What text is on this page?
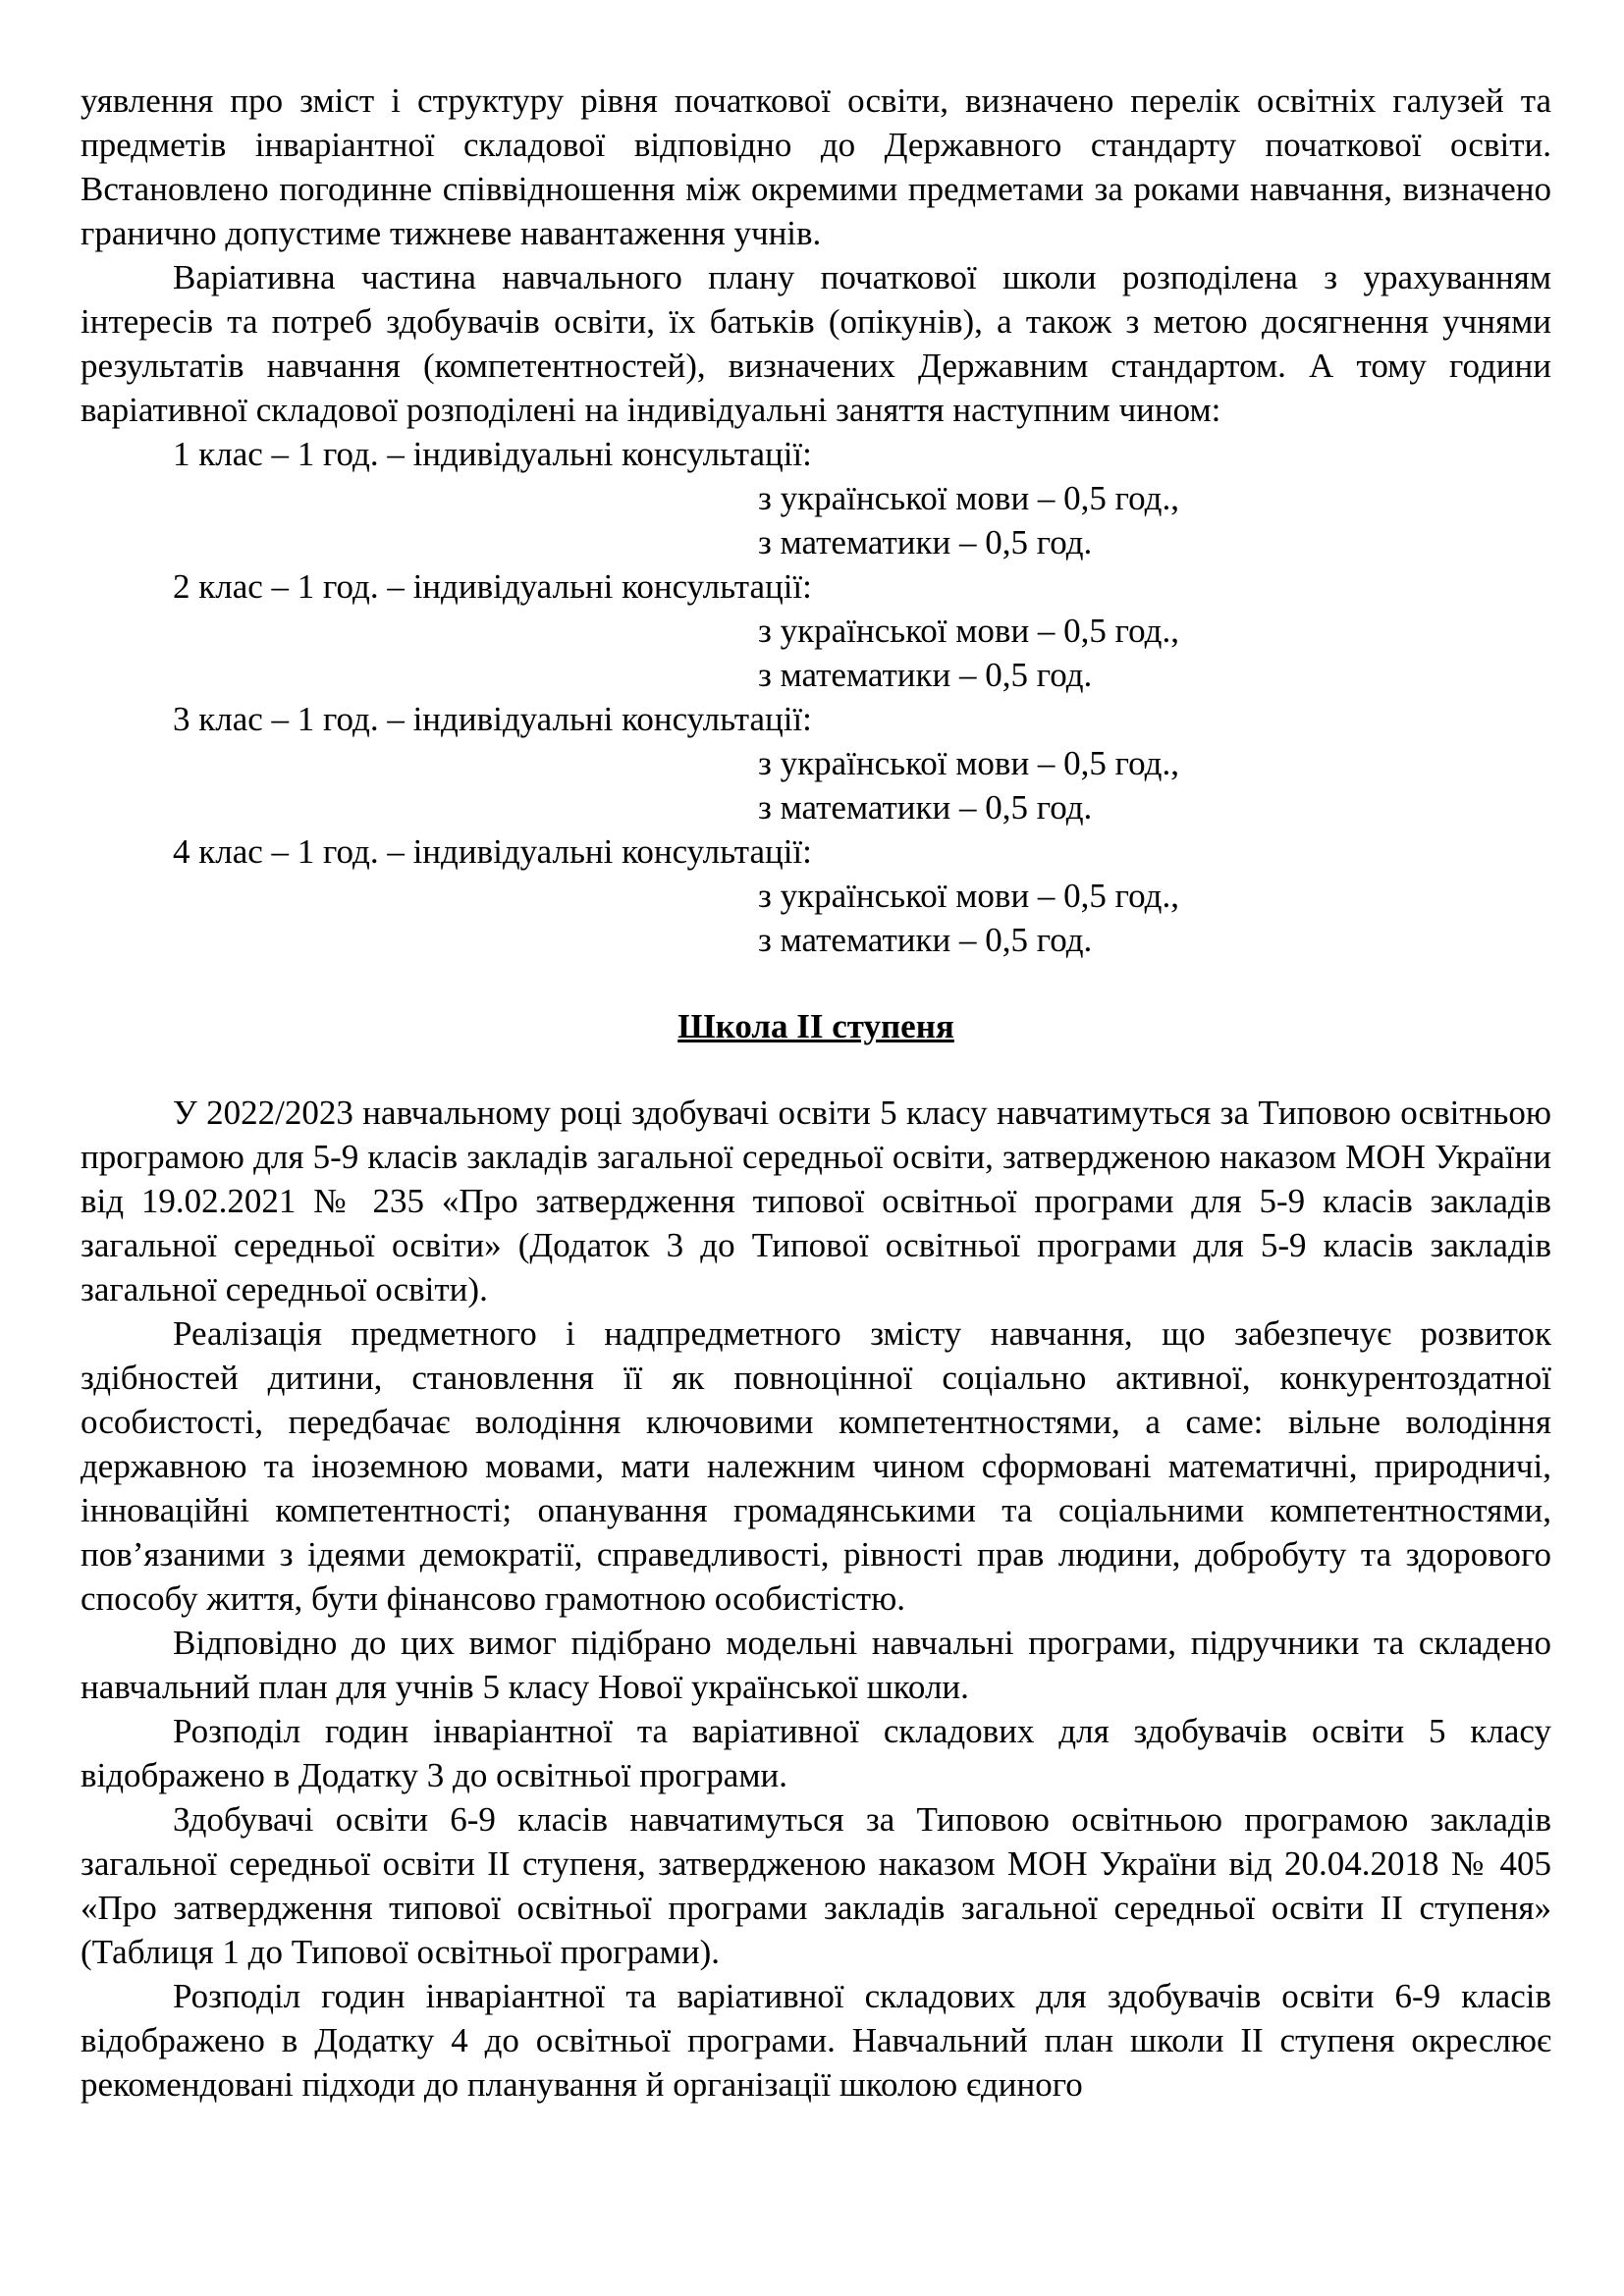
уявлення про зміст і структуру рівня початкової освіти, визначено перелік освітніх галузей та предметів інваріантної складової відповідно до Державного стандарту початкової освіти. Встановлено погодинне співвідношення між окремими предметами за роками навчання, визначено гранично допустиме тижневе навантаження учнів.

Варіативна частина навчального плану початкової школи розподілена з урахуванням інтересів та потреб здобувачів освіти, їх батьків (опікунів), а також з метою досягнення учнями результатів навчання (компетентностей), визначених Державним стандартом. А тому години варіативної складової розподілені на індивідуальні заняття наступним чином:

1 клас – 1 год. – індивідуальні консультації:

з української мови – 0,5 год.,

з математики – 0,5 год.

2 клас – 1 год. – індивідуальні консультації:

з української мови – 0,5 год.,

з математики – 0,5 год.

3 клас – 1 год. – індивідуальні консультації:

з української мови – 0,5 год.,

з математики – 0,5 год.

4 клас – 1 год. – індивідуальні консультації:

з української мови – 0,5 год.,

з математики – 0,5 год.

Школа ІІ ступеня

У 2022/2023 навчальному році здобувачі освіти 5 класу навчатимуться за Типовою освітньою програмою для 5-9 класів закладів загальної середньої освіти, затвердженою наказом МОН України від 19.02.2021 № 235 «Про затвердження типової освітньої програми для 5-9 класів закладів загальної середньої освіти» (Додаток 3 до Типової освітньої програми для 5-9 класів закладів загальної середньої освіти).

Реалізація предметного і надпредметного змісту навчання, що забезпечує розвиток здібностей дитини, становлення її як повноцінної соціально активної, конкурентоздатної особистості, передбачає володіння ключовими компетентностями, а саме: вільне володіння державною та іноземною мовами, мати належним чином сформовані математичні, природничі, інноваційні компетентності; опанування громадянськими та соціальними компетентностями, пов’язаними з ідеями демократії, справедливості, рівності прав людини, добробуту та здорового способу життя, бути фінансово грамотною особистістю.

Відповідно до цих вимог підібрано модельні навчальні програми, підручники та складено навчальний план для учнів 5 класу Нової української школи.

Розподіл годин інваріантної та варіативної складових для здобувачів освіти 5 класу відображено в Додатку 3 до освітньої програми.

Здобувачі освіти 6-9 класів навчатимуться за Типовою освітньою програмою закладів загальної середньої освіти ІІ ступеня, затвердженою наказом МОН України від 20.04.2018 № 405 «Про затвердження типової освітньої програми закладів загальної середньої освіти ІІ ступеня» (Таблиця 1 до Типової освітньої програми).

Розподіл годин інваріантної та варіативної складових для здобувачів освіти 6-9 класів відображено в Додатку 4 до освітньої програми. Навчальний план школи ІІ ступеня окреслює рекомендовані підходи до планування й організації школою єдиного
